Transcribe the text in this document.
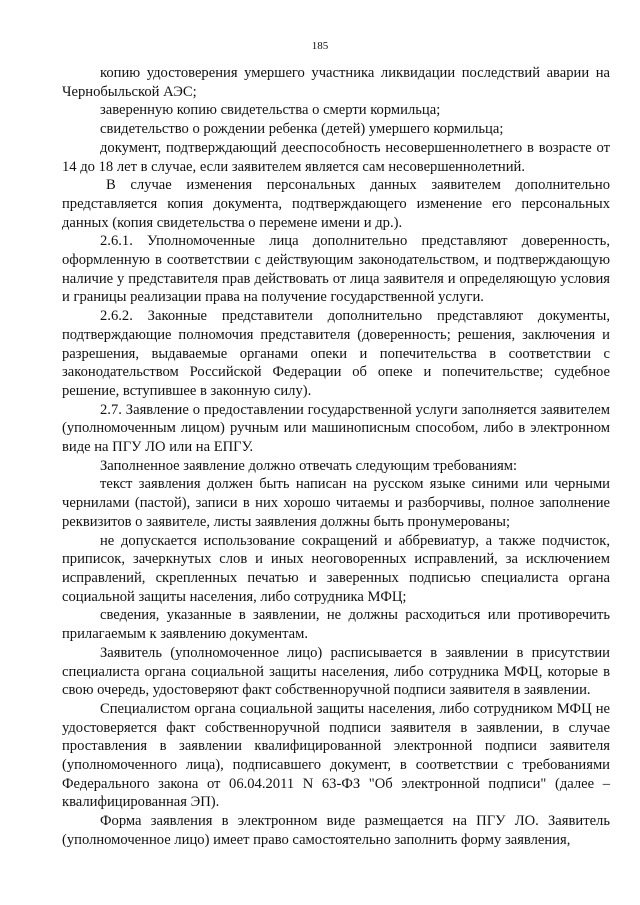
185

копию удостоверения умершего участника ликвидации последствий аварии на Чернобыльской АЭС;

заверенную копию свидетельства о смерти кормильца;

свидетельство о рождении ребенка (детей) умершего кормильца;

документ, подтверждающий дееспособность несовершеннолетнего в возрасте от 14 до 18 лет в случае, если заявителем является сам несовершеннолетний.

В случае изменения персональных данных заявителем дополнительно представляется копия документа, подтверждающего изменение его персональных данных (копия свидетельства о перемене имени и др.).

2.6.1. Уполномоченные лица дополнительно представляют доверенность, оформленную в соответствии с действующим законодательством, и подтверждающую наличие у представителя прав действовать от лица заявителя и определяющую условия и границы реализации права на получение государственной услуги.

2.6.2. Законные представители дополнительно представляют документы, подтверждающие полномочия представителя (доверенность; решения, заключения и разрешения, выдаваемые органами опеки и попечительства в соответствии с законодательством Российской Федерации об опеке и попечительстве; судебное решение, вступившее в законную силу).

2.7. Заявление о предоставлении государственной услуги заполняется заявителем (уполномоченным лицом) ручным или машинописным способом, либо в электронном виде на ПГУ ЛО или на ЕПГУ.

Заполненное заявление должно отвечать следующим требованиям:

текст заявления должен быть написан на русском языке синими или черными чернилами (пастой), записи в них хорошо читаемы и разборчивы, полное заполнение реквизитов о заявителе, листы заявления должны быть пронумерованы;

не допускается использование сокращений и аббревиатур, а также подчисток, приписок, зачеркнутых слов и иных неоговоренных исправлений, за исключением исправлений, скрепленных печатью и заверенных подписью специалиста органа социальной защиты населения, либо сотрудника МФЦ;

сведения, указанные в заявлении, не должны расходиться или противоречить прилагаемым к заявлению документам.

Заявитель (уполномоченное лицо) расписывается в заявлении в присутствии специалиста органа социальной защиты населения, либо сотрудника МФЦ, которые в свою очередь, удостоверяют факт собственноручной подписи заявителя в заявлении.

Специалистом органа социальной защиты населения, либо сотрудником МФЦ не удостоверяется факт собственноручной подписи заявителя в заявлении, в случае проставления в заявлении квалифицированной электронной подписи заявителя (уполномоченного лица), подписавшего документ, в соответствии с требованиями Федерального закона от 06.04.2011 N 63-ФЗ "Об электронной подписи" (далее – квалифицированная ЭП).

Форма заявления в электронном виде размещается на ПГУ ЛО. Заявитель (уполномоченное лицо) имеет право самостоятельно заполнить форму заявления,
